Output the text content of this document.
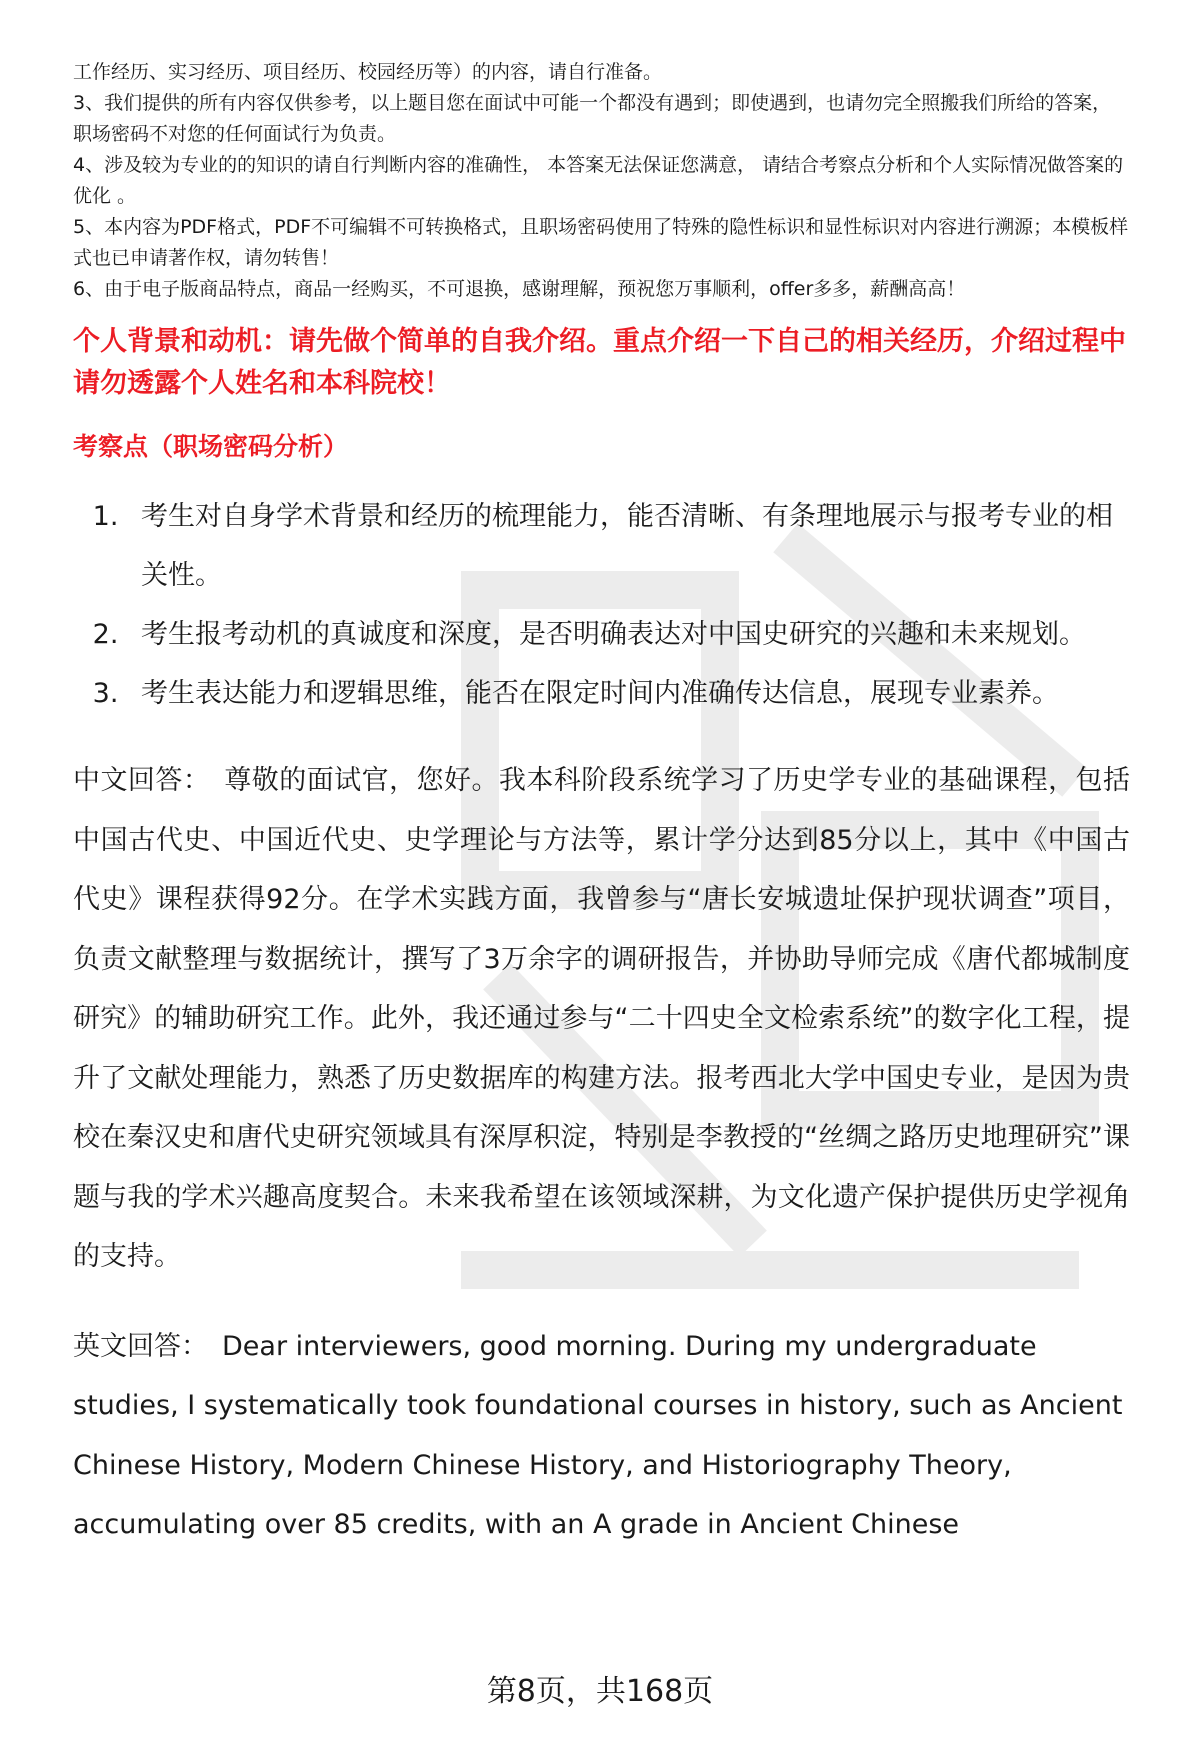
工作经历、实习经历、项目经历、校园经历等）的内容，请自行准备。

3、我们提供的所有内容仅供参考，以上题目您在面试中可能一个都没有遇到；即使遇到，也请勿完全照搬我们所给的答案，职场密码不对您的任何面试行为负责。

4、涉及较为专业的的知识的请自行判断内容的准确性， 本答案无法保证您满意， 请结合考察点分析和个人实际情况做答案的优化 。

5、本内容为PDF格式，PDF不可编辑不可转换格式，且职场密码使用了特殊的隐性标识和显性标识对内容进行溯源；本模板样式也已申请著作权，请勿转售！

6、由于电子版商品特点，商品一经购买，不可退换，感谢理解，预祝您万事顺利，offer多多，薪酬高高！

个人背景和动机：请先做个简单的自我介绍。重点介绍一下自己的相关经历，介绍过程中请勿透露个人姓名和本科院校！

考察点（职场密码分析）

1. 考生对自身学术背景和经历的梳理能力，能否清晰、有条理地展示与报考专业的相关性。
2. 考生报考动机的真诚度和深度，是否明确表达对中国史研究的兴趣和未来规划。
3. 考生表达能力和逻辑思维，能否在限定时间内准确传达信息，展现专业素养。

中文回答： 尊敬的面试官，您好。我本科阶段系统学习了历史学专业的基础课程，包括中国古代史、中国近代史、史学理论与方法等，累计学分达到85分以上，其中《中国古代史》课程获得92分。在学术实践方面，我曾参与“唐长安城遗址保护现状调查”项目，负责文献整理与数据统计，撰写了3万余字的调研报告，并协助导师完成《唐代都城制度研究》的辅助研究工作。此外，我还通过参与“二十四史全文检索系统”的数字化工程，提升了文献处理能力，熟悉了历史数据库的构建方法。报考西北大学中国史专业，是因为贵校在秦汉史和唐代史研究领域具有深厚积淀，特别是李教授的“丝绸之路历史地理研究”课题与我的学术兴趣高度契合。未来我希望在该领域深耕，为文化遗产保护提供历史学视角的支持。

英文回答： Dear interviewers, good morning. During my undergraduate studies, I systematically took foundational courses in history, such as Ancient Chinese History, Modern Chinese History, and Historiography Theory, accumulating over 85 credits, with an A grade in Ancient Chinese

第8页，共168页
